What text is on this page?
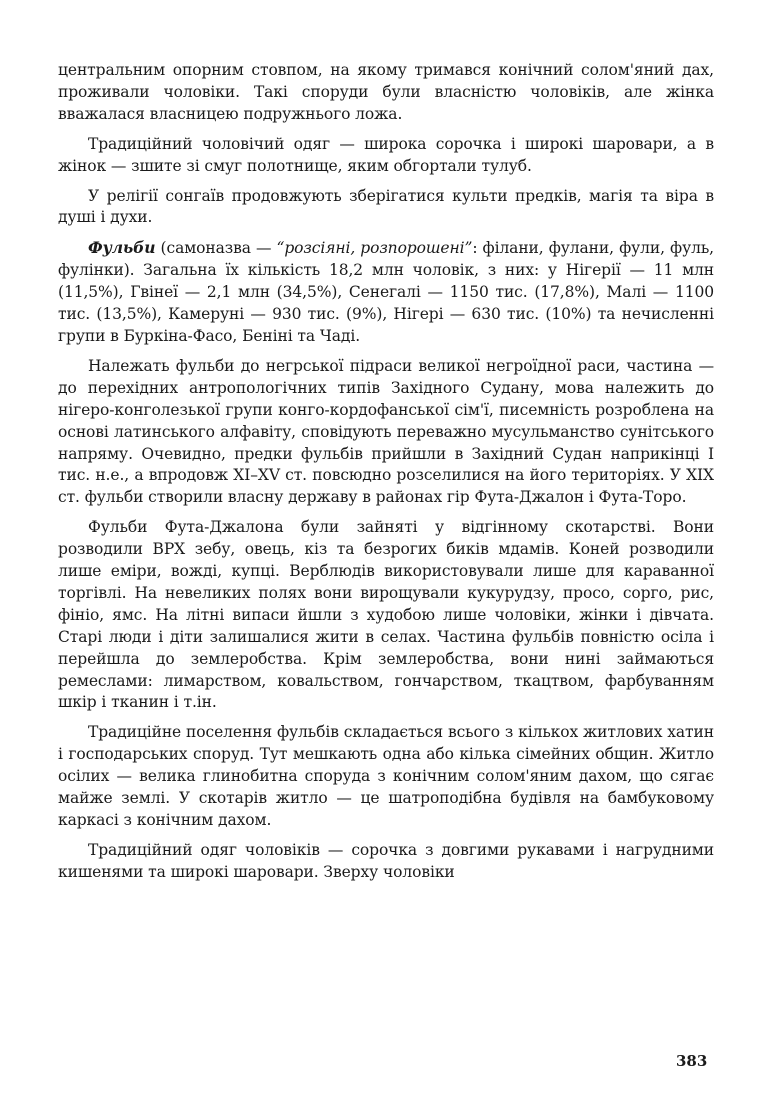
центральним опорним стовпом, на якому тримався конічний солом'яний дах, проживали чоловіки. Такі споруди були власністю чоловіків, але жінка вважалася власницею подружнього ложа.

Традиційний чоловічий одяг — широка сорочка і широкі шаровари, а в жінок — зшите зі смуг полотнище, яким обгортали тулуб.

У релігії сонгаїв продовжують зберігатися культи предків, магія та віра в душі і духи.

Фульби (самоназва — “розсіяні, розпорошені”: філани, фулани, фули, фуль, фулінки). Загальна їх кількість 18,2 млн чоловік, з них: у Нігерії — 11 млн (11,5%), Гвінеї — 2,1 млн (34,5%), Сенегалі — 1150 тис. (17,8%), Малі — 1100 тис. (13,5%), Камеруні — 930 тис. (9%), Нігері — 630 тис. (10%) та нечисленні групи в Буркіна-Фасо, Беніні та Чаді.

Належать фульби до негрської підраси великої негроїдної раси, частина — до перехідних антропологічних типів Західного Судану, мова належить до нігеро-конголезької групи конго-кордофанської сім'ї, писемність розроблена на основі латинського алфавіту, сповідують переважно мусульманство сунітського напряму. Очевидно, предки фульбів прийшли в Західний Судан наприкінці I тис. н.е., а впродовж XI–XV ст. повсюдно розселилися на його територіях. У XIX ст. фульби створили власну державу в районах гір Фута-Джалон і Фута-Торо.

Фульби Фута-Джалона були зайняті у відгінному скотарстві. Вони розводили ВРХ зебу, овець, кіз та безрогих биків мдамів. Коней розводили лише еміри, вожді, купці. Верблюдів використовували лише для караванної торгівлі. На невеликих полях вони вирощували кукурудзу, просо, сорго, рис, фініо, ямс. На літні випаси йшли з худобою лише чоловіки, жінки і дівчата. Старі люди і діти залишалися жити в селах. Частина фульбів повністю осіла і перейшла до землеробства. Крім землеробства, вони нині займаються ремеслами: лимарством, ковальством, гончарством, ткацтвом, фарбуванням шкір і тканин і т.ін.

Традиційне поселення фульбів складається всього з кількох житлових хатин і господарських споруд. Тут мешкають одна або кілька сімейних общин. Житло осілих — велика глинобитна споруда з конічним солом'яним дахом, що сягає майже землі. У скотарів житло — це шатроподібна будівля на бамбуковому каркасі з конічним дахом.

Традиційний одяг чоловіків — сорочка з довгими рукавами і нагрудними кишенями та широкі шаровари. Зверху чоловіки

383
